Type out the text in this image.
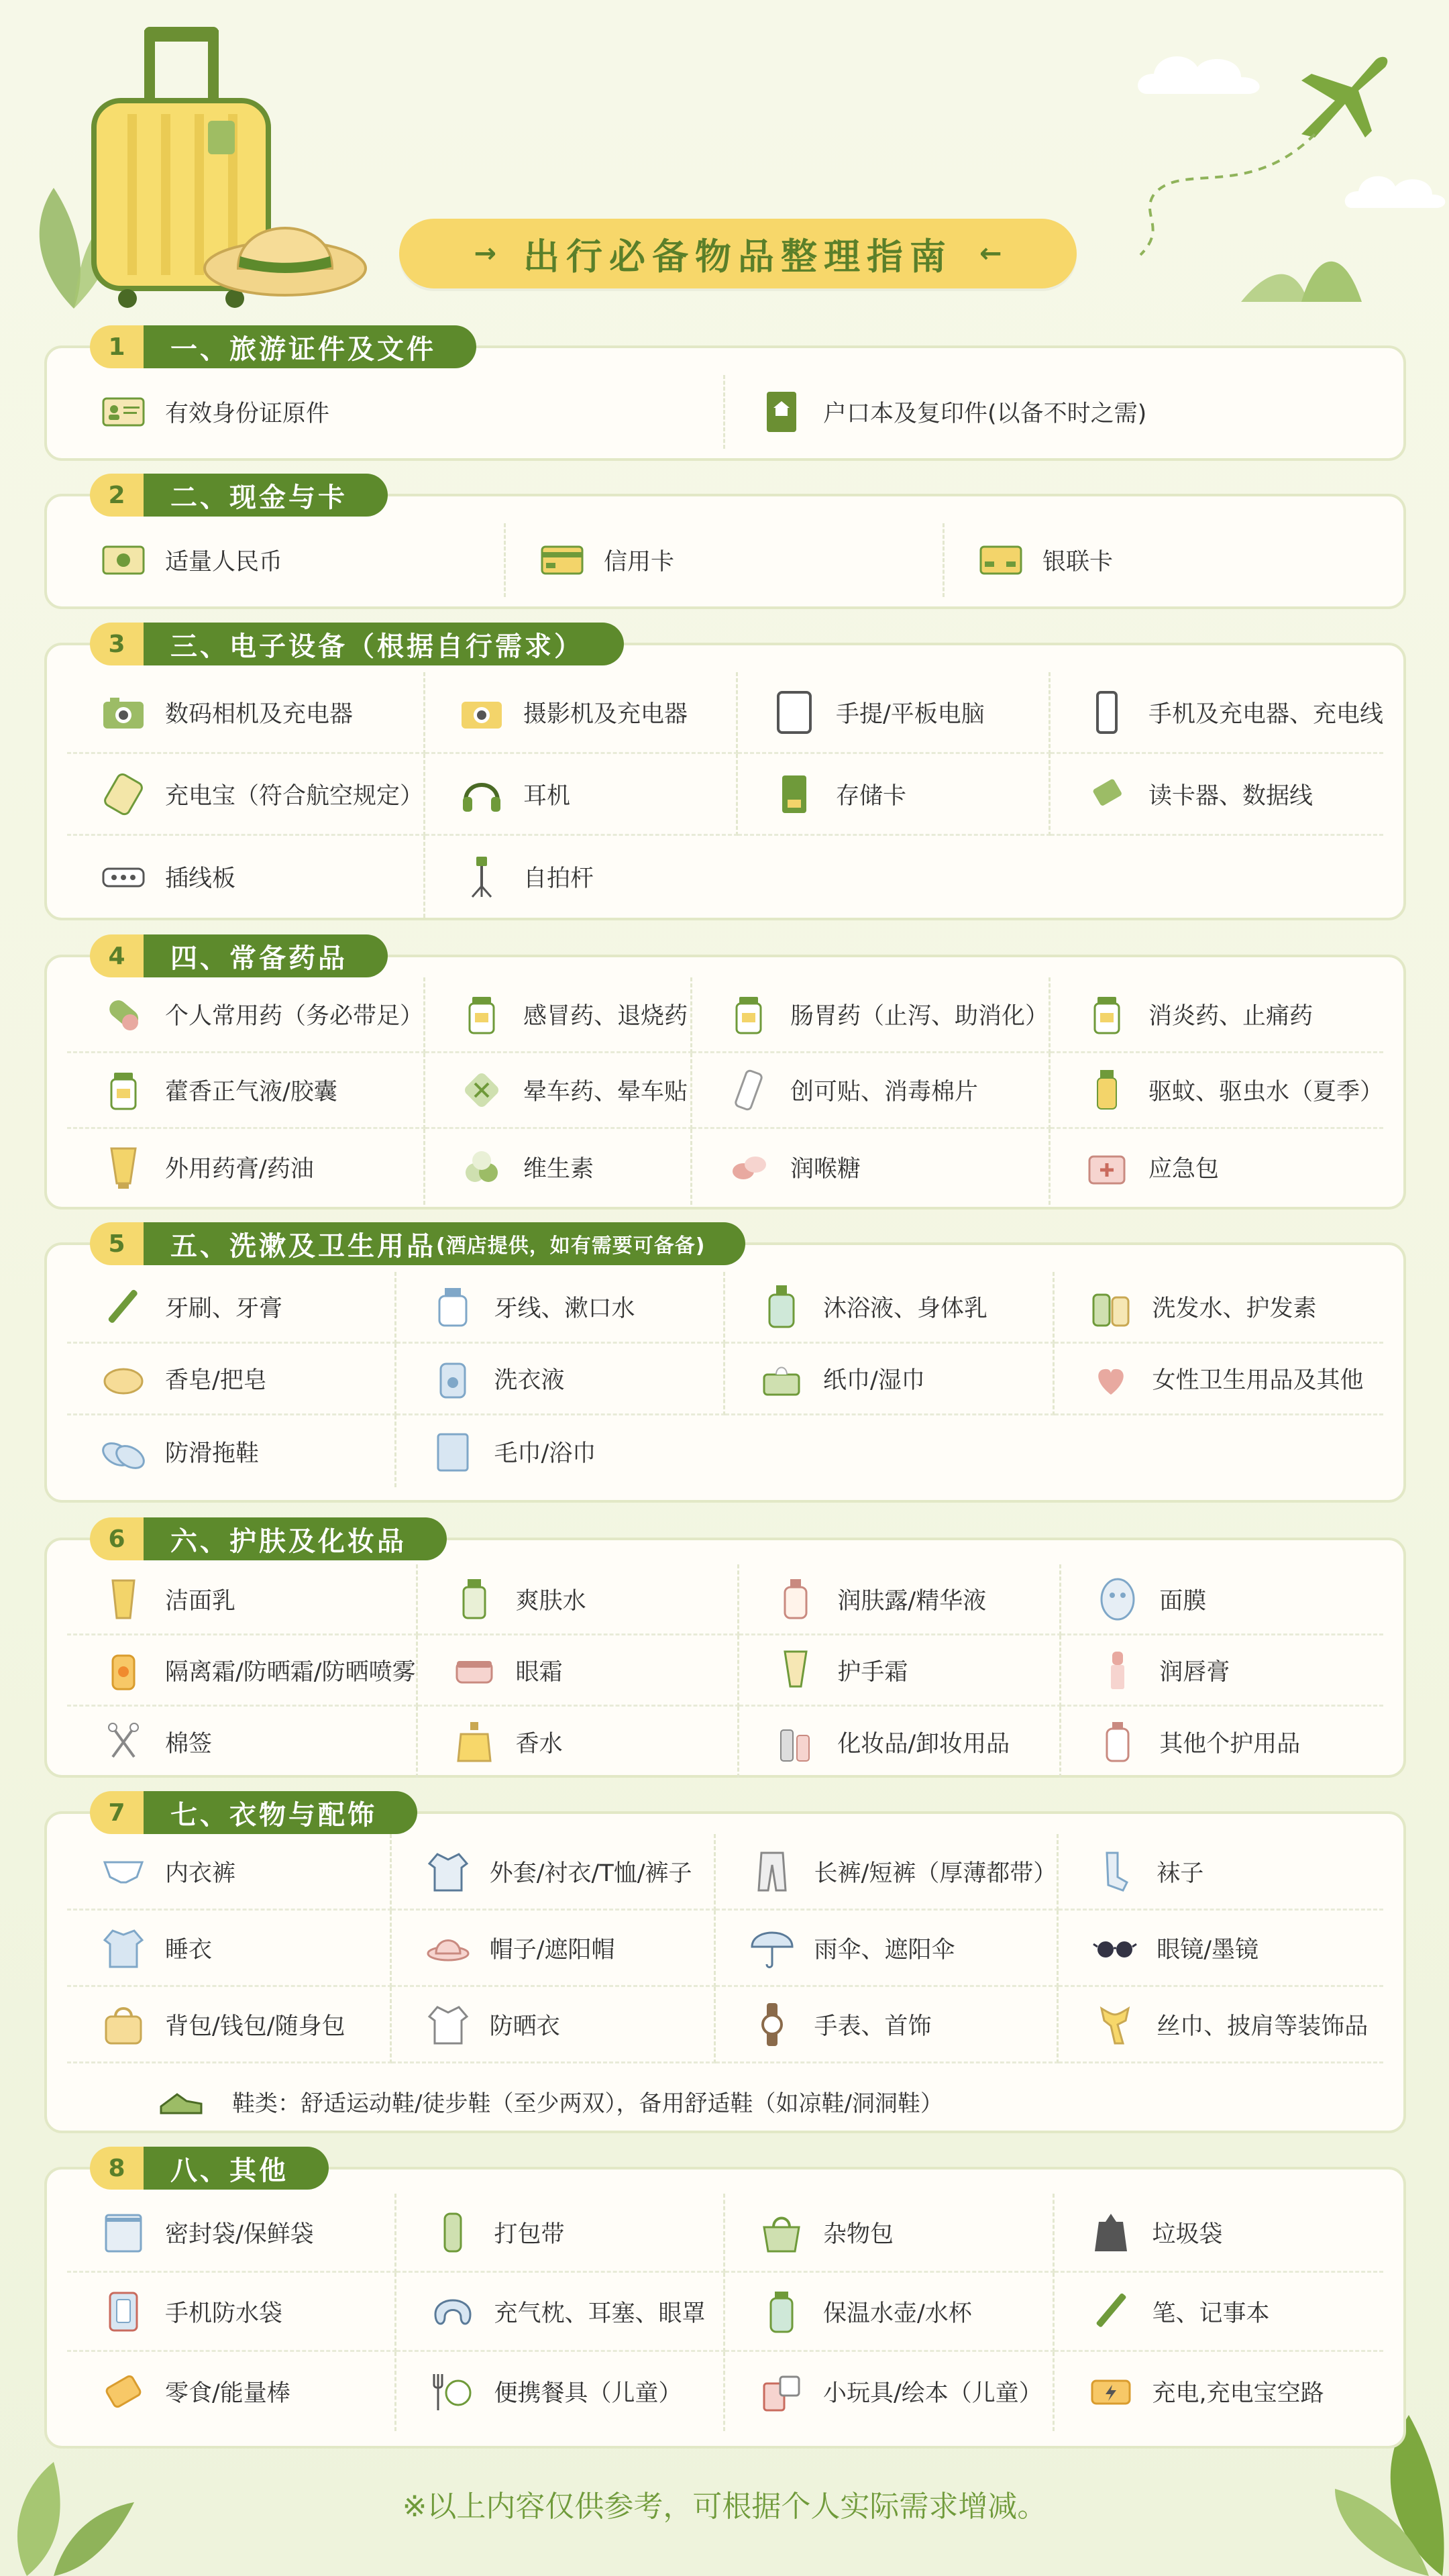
→ 出行必备物品整理指南 ←
1	一、旅游证件及文件
有效身份证原件	户口本及复印件(以备不时之需)
2	二、现金与卡
适量人民币	信用卡	银联卡
3	三、电子设备（根据自行需求）
数码相机及充电器	摄影机及充电器	手提/平板电脑	手机及充电器、充电线
充电宝（符合航空规定）	耳机	存储卡	读卡器、数据线
插线板	自拍杆
4	四、常备药品
个人常用药（务必带足）	感冒药、退烧药	肠胃药（止泻、助消化）	消炎药、止痛药
藿香正气液/胶囊	晕车药、晕车贴	创可贴、消毒棉片	驱蚊、驱虫水（夏季）
外用药膏/药油	维生素	润喉糖	应急包
5	五、洗漱及卫生用品 (酒店提供，如有需要可备备)
牙刷、牙膏	牙线、漱口水	沐浴液、身体乳	洗发水、护发素
香皂/把皂	洗衣液	纸巾/湿巾	女性卫生用品及其他
防滑拖鞋	毛巾/浴巾
6	六、护肤及化妆品
洁面乳	爽肤水	润肤露/精华液	面膜
隔离霜/防晒霜/防晒喷雾	眼霜	护手霜	润唇膏
棉签	香水	化妆品/卸妆用品	其他个护用品
7	七、衣物与配饰
内衣裤	外套/衬衣/T恤/裤子	长裤/短裤（厚薄都带）	袜子
睡衣	帽子/遮阳帽	雨伞、遮阳伞	眼镜/墨镜
背包/钱包/随身包	防晒衣	手表、首饰	丝巾、披肩等装饰品
鞋类：舒适运动鞋/徒步鞋（至少两双），备用舒适鞋（如凉鞋/洞洞鞋）
8	八、其他
密封袋/保鲜袋	打包带	杂物包	垃圾袋
手机防水袋	充气枕、耳塞、眼罩	保温水壶/水杯	笔、记事本
零食/能量棒	便携餐具（儿童）	小玩具/绘本（儿童）	充电,充电宝空路
※以上内容仅供参考，可根据个人实际需求增减。
